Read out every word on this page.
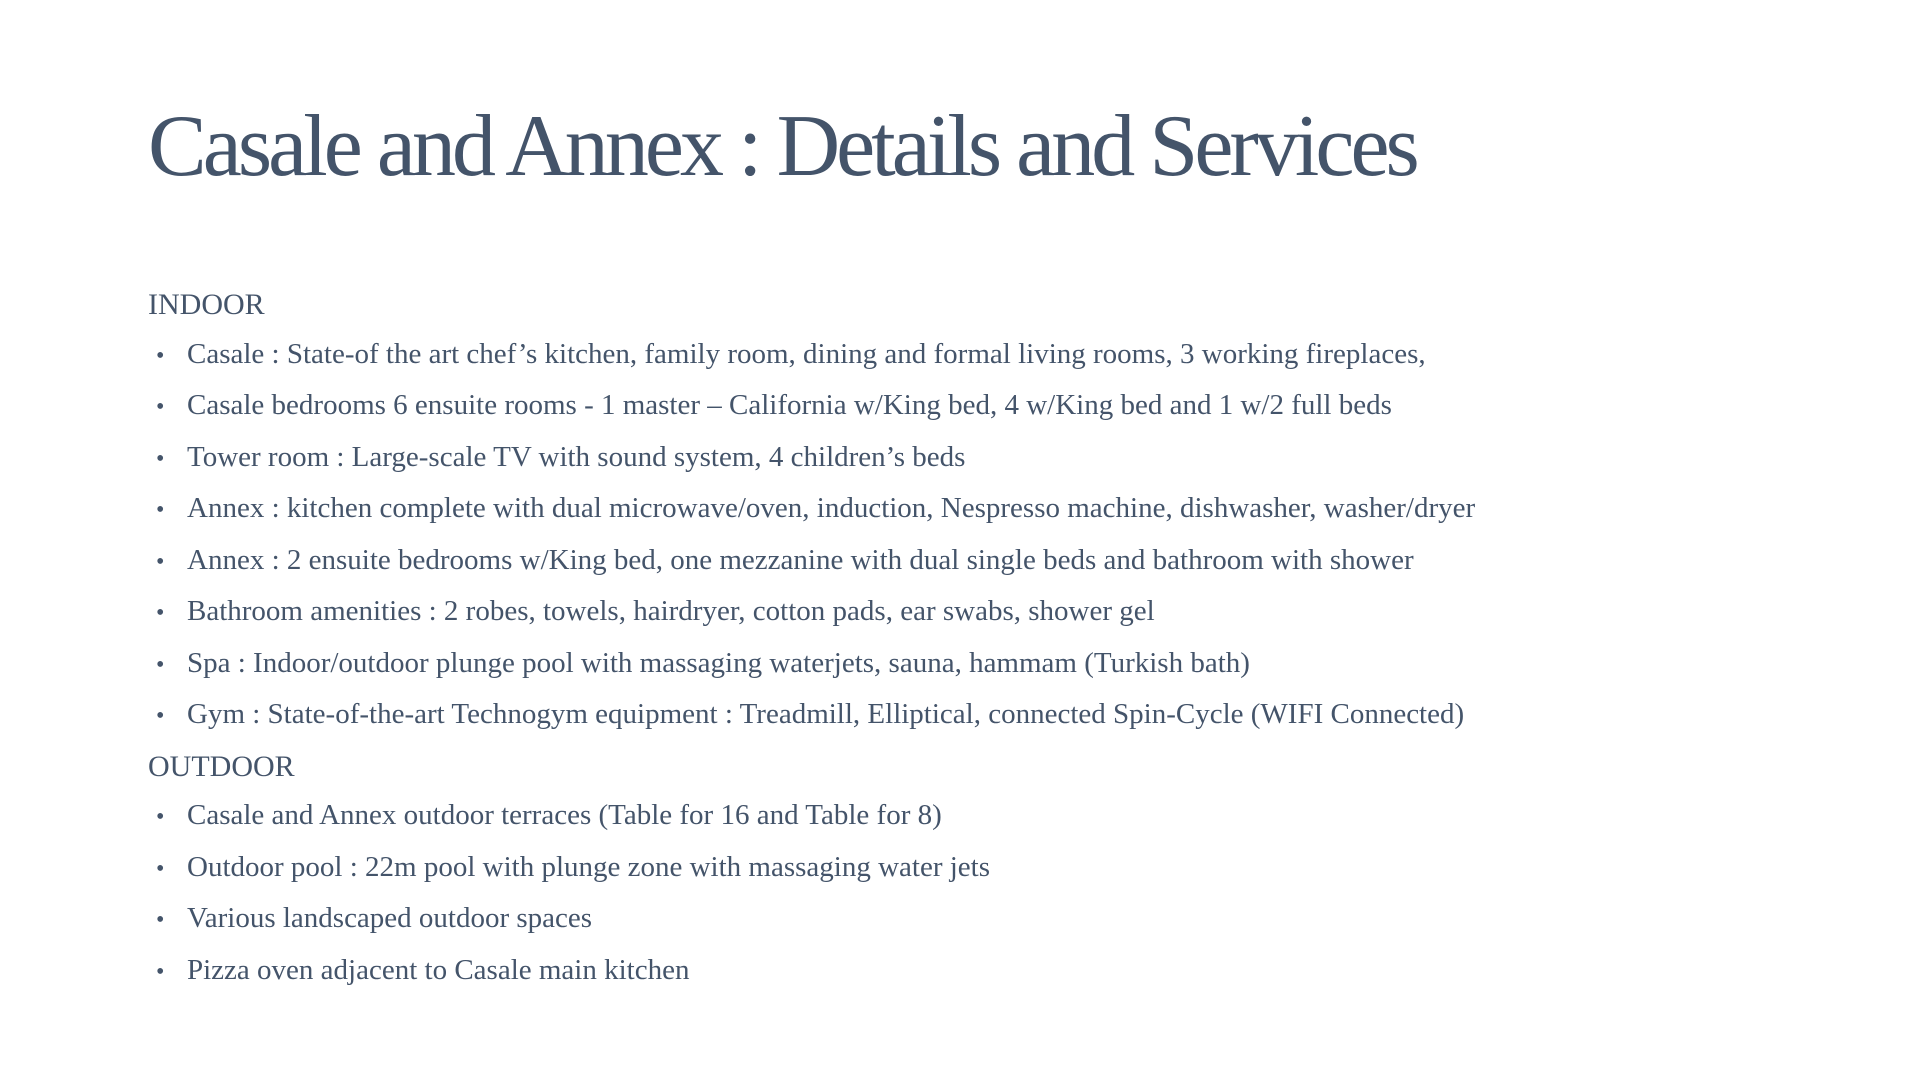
Casale and Annex : Details and Services
INDOOR
• Casale : State-of the art chef’s kitchen, family room, dining and formal living rooms, 3 working fireplaces,
• Casale bedrooms 6 ensuite rooms - 1 master – California w/King bed, 4 w/King bed and 1 w/2 full beds
• Tower room : Large-scale TV with sound system, 4 children’s beds
• Annex : kitchen complete with dual microwave/oven, induction, Nespresso machine, dishwasher, washer/dryer
• Annex : 2 ensuite bedrooms w/King bed, one mezzanine with dual single beds and bathroom with shower
• Bathroom amenities : 2 robes, towels, hairdryer, cotton pads, ear swabs, shower gel
• Spa : Indoor/outdoor plunge pool with massaging waterjets, sauna, hammam (Turkish bath)
• Gym : State-of-the-art Technogym equipment : Treadmill, Elliptical, connected Spin-Cycle (WIFI Connected)
OUTDOOR
• Casale and Annex outdoor terraces (Table for 16 and Table for 8)
• Outdoor pool : 22m pool with plunge zone with massaging water jets
• Various landscaped outdoor spaces
• Pizza oven adjacent to Casale main kitchen
